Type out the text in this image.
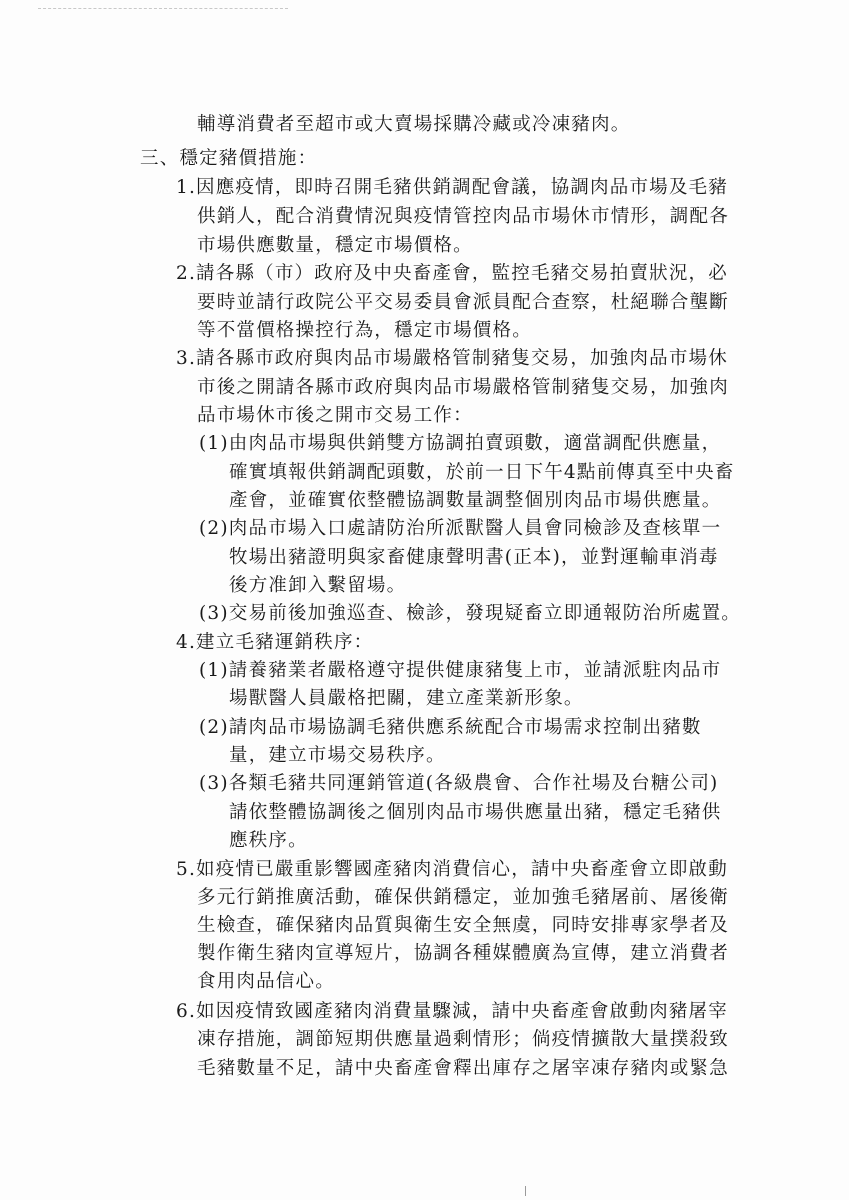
輔導消費者至超市或大賣場採購冷藏或冷凍豬肉。
三、穩定豬價措施：
1.因應疫情，即時召開毛豬供銷調配會議，協調肉品市場及毛豬
供銷人，配合消費情況與疫情管控肉品市場休市情形，調配各
市場供應數量，穩定市場價格。
2.請各縣（市）政府及中央畜產會，監控毛豬交易拍賣狀況，必
要時並請行政院公平交易委員會派員配合查察，杜絕聯合壟斷
等不當價格操控行為，穩定市場價格。
3.請各縣市政府與肉品市場嚴格管制豬隻交易，加強肉品市場休
市後之開請各縣市政府與肉品市場嚴格管制豬隻交易，加強肉
品市場休市後之開市交易工作：
(1)由肉品市場與供銷雙方協調拍賣頭數，適當調配供應量，
確實填報供銷調配頭數，於前一日下午4點前傳真至中央畜
產會，並確實依整體協調數量調整個別肉品市場供應量。
(2)肉品市場入口處請防治所派獸醫人員會同檢診及查核單一
牧場出豬證明與家畜健康聲明書(正本)，並對運輸車消毒
後方准卸入繫留場。
(3)交易前後加強巡查、檢診，發現疑畜立即通報防治所處置。
4.建立毛豬運銷秩序：
(1)請養豬業者嚴格遵守提供健康豬隻上市，並請派駐肉品市
場獸醫人員嚴格把關，建立產業新形象。
(2)請肉品市場協調毛豬供應系統配合市場需求控制出豬數
量，建立市場交易秩序。
(3)各類毛豬共同運銷管道(各級農會、合作社場及台糖公司)
請依整體協調後之個別肉品市場供應量出豬，穩定毛豬供
應秩序。
5.如疫情已嚴重影響國產豬肉消費信心，請中央畜產會立即啟動
多元行銷推廣活動，確保供銷穩定，並加強毛豬屠前、屠後衛
生檢查，確保豬肉品質與衛生安全無虞，同時安排專家學者及
製作衛生豬肉宣導短片，協調各種媒體廣為宣傳，建立消費者
食用肉品信心。
6.如因疫情致國產豬肉消費量驟減，請中央畜產會啟動肉豬屠宰
凍存措施，調節短期供應量過剩情形；倘疫情擴散大量撲殺致
毛豬數量不足，請中央畜產會釋出庫存之屠宰凍存豬肉或緊急
